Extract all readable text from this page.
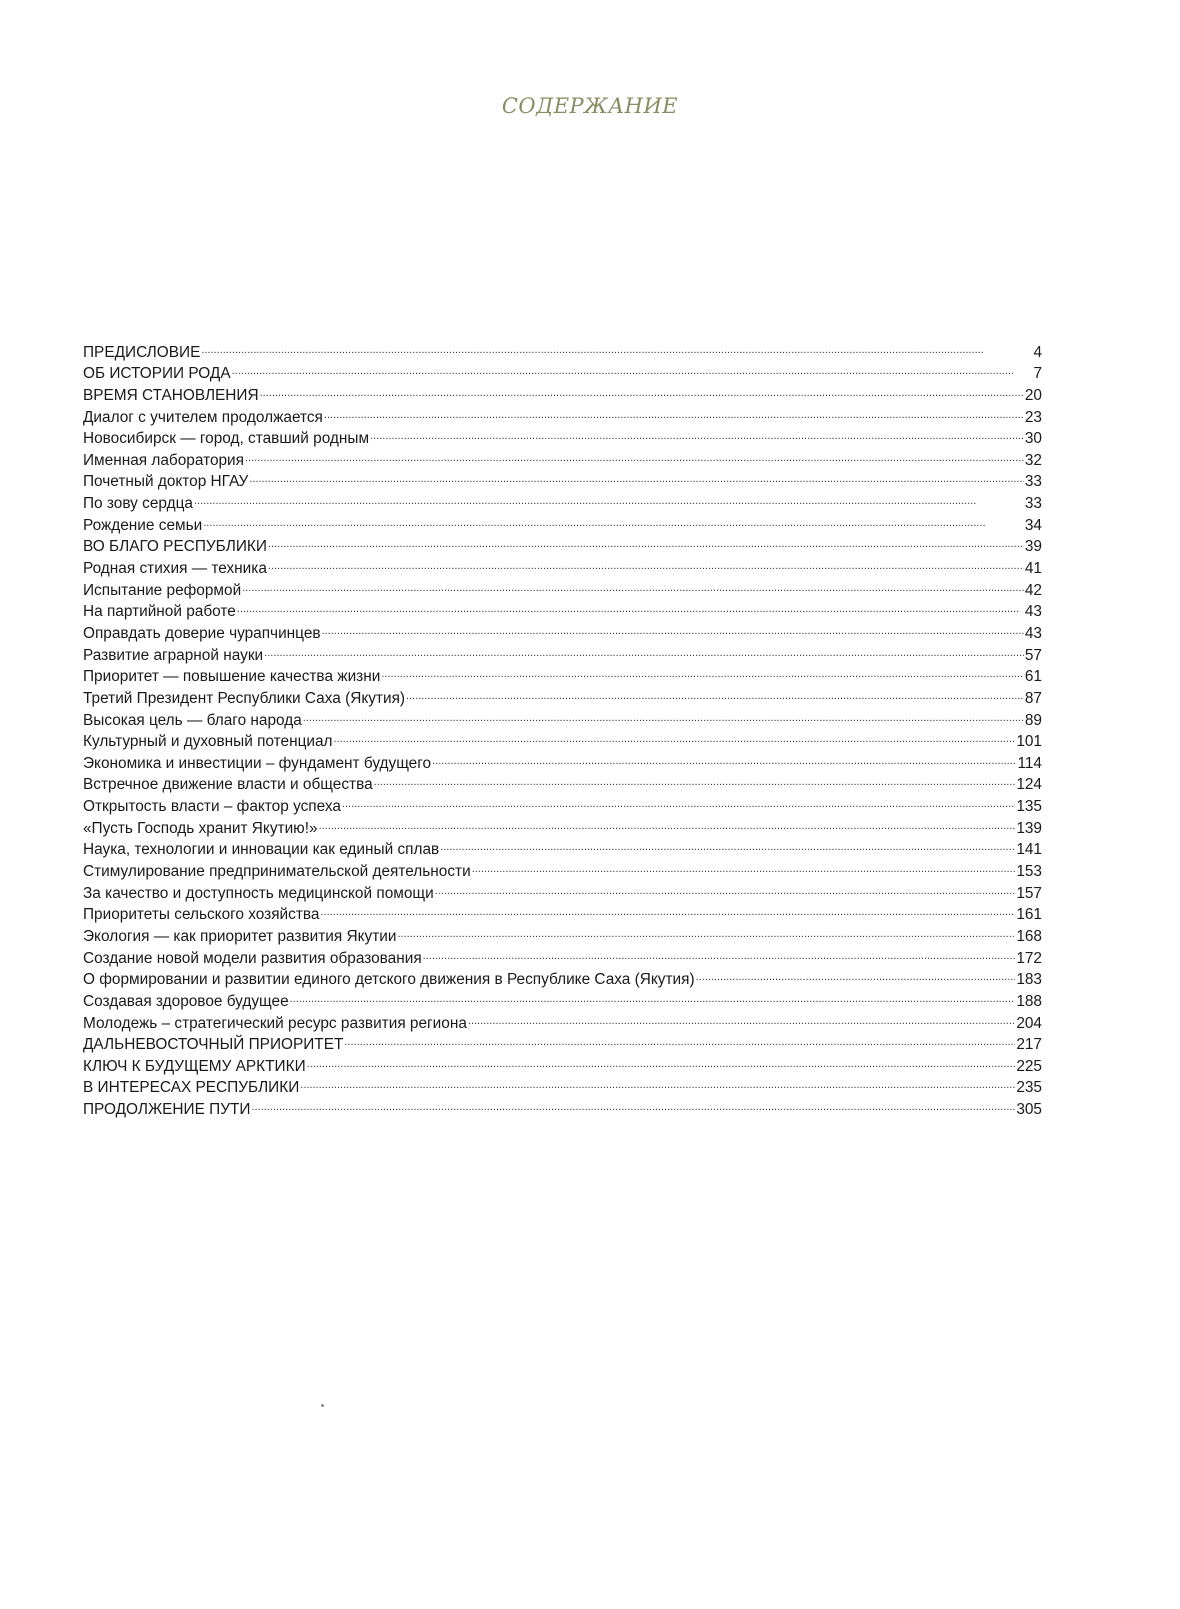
СОДЕРЖАНИЕ
ПРЕДИСЛОВИЕ .....	4
ОБ ИСТОРИИ РОДА .....	7
ВРЕМЯ СТАНОВЛЕНИЯ .....	20
Диалог с учителем продолжается .....	23
Новосибирск — город, ставший родным .....	30
Именная лаборатория .....	32
Почетный доктор НГАУ .....	33
По зову сердца .....	33
Рождение семьи .....	34
ВО БЛАГО РЕСПУБЛИКИ .....	39
Родная стихия — техника .....	41
Испытание реформой .....	42
На партийной работе .....	43
Оправдать доверие чурапчинцев .....	43
Развитие аграрной науки .....	57
Приоритет — повышение качества жизни .....	61
Третий Президент Республики Саха (Якутия) .....	87
Высокая цель — благо народа .....	89
Культурный и духовный потенциал .....	101
Экономика и инвестиции – фундамент будущего .....	114
Встречное движение власти и общества .....	124
Открытость власти – фактор успеха .....	135
«Пусть Господь хранит Якутию!» .....	139
Наука, технологии и инновации как единый сплав .....	141
Стимулирование предпринимательской деятельности .....	153
За качество и доступность медицинской помощи .....	157
Приоритеты сельского хозяйства .....	161
Экология — как приоритет развития Якутии .....	168
Создание новой модели развития образования .....	172
О формировании и развитии единого детского движения в Республике Саха (Якутия) .....	183
Создавая здоровое будущее .....	188
Молодежь – стратегический ресурс развития региона .....	204
ДАЛЬНЕВОСТОЧНЫЙ ПРИОРИТЕТ .....	217
КЛЮЧ К БУДУЩЕМУ АРКТИКИ .....	225
В ИНТЕРЕСАХ РЕСПУБЛИКИ .....	235
ПРОДОЛЖЕНИЕ ПУТИ .....	305
